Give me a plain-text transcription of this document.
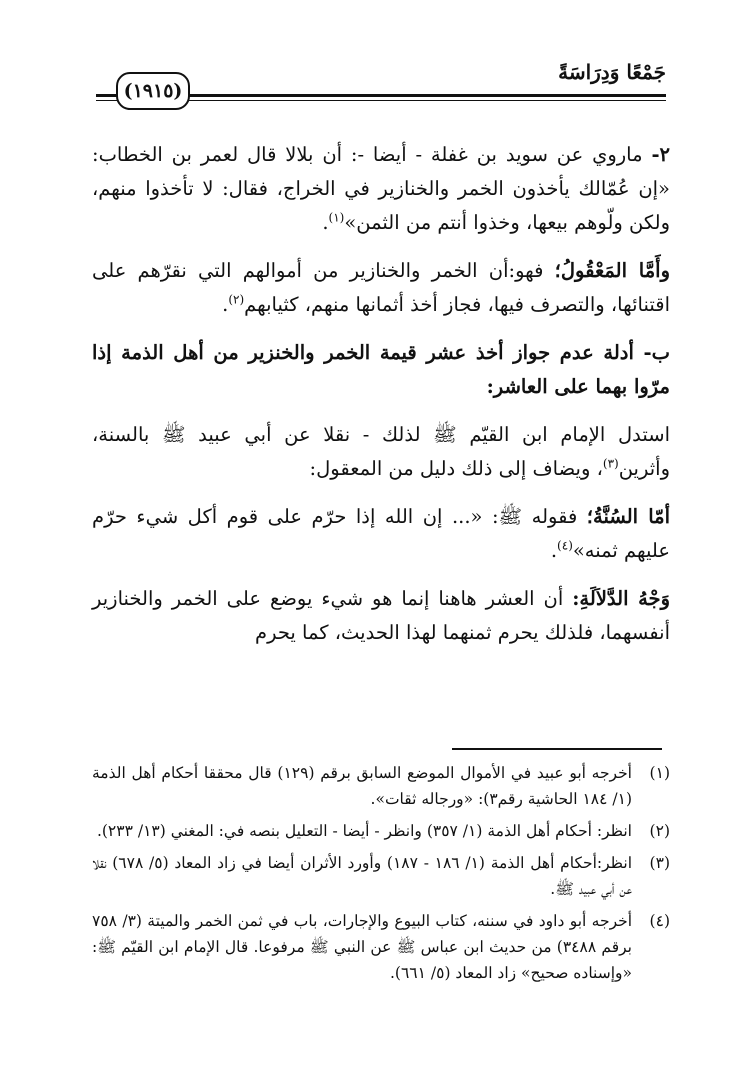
جَمْعًا وَدِرَاسَةً
(١٩١٥)

٢- ماروي عن سويد بن غفلة - أيضا -: أن بلالا قال لعمر بن الخطاب: «إن عُمّالك يأخذون الخمر والخنازير في الخراج، فقال: لا تأخذوا منهم، ولكن ولّوهم بيعها، وخذوا أنتم من الثمن»$^{(١)}$.

وأَمَّا المَعْقُولُ؛ فهو:أن الخمر والخنازير من أموالهم التي نقرّهم على اقتنائها، والتصرف فيها، فجاز أخذ أثمانها منهم، كثيابهم$^{(٢)}$.

ب- أدلة عدم جواز أخذ عشر قيمة الخمر والخنزير من أهل الذمة إذا مرّوا بهما على العاشر:

استدل الإمام ابن القيّم ﷺ لذلك - نقلا عن أبي عبيد ﷺ بالسنة، وأثرين$^{(٣)}$، ويضاف إلى ذلك دليل من المعقول:

أمّا السُنَّةُ؛ فقوله ﷺ: «... إن الله إذا حرّم على قوم أكل شيء حرّم عليهم ثمنه»$^{(٤)}$.

وَجْهُ الدَّلاَلَةِ: أن العشر هاهنا إنما هو شيء يوضع على الخمر والخنازير أنفسهما، فلذلك يحرم ثمنهما لهذا الحديث، كما يحرم

(١)
أخرجه أبو عبيد في الأموال الموضع السابق برقم (١٢٩) قال محققا أحكام أهل الذمة (١/ ١٨٤ الحاشية رقم٣): «ورجاله ثقات».

(٢)
انظر: أحكام أهل الذمة (١/ ٣٥٧) وانظر - أيضا - التعليل بنصه في: المغني (١٣/ ٢٣٣).

(٣)
انظر:أحكام أهل الذمة (١/ ١٨٦ - ١٨٧) وأورد الأثران أيضا في زاد المعاد (٥/ ٦٧٨) نقلا عن أبي عبيد ﷺ.

(٤)
أخرجه أبو داود في سننه، كتاب البيوع والإجارات، باب في ثمن الخمر والميتة (٣/ ٧٥٨ برقم ٣٤٨٨) من حديث ابن عباس ﷺ عن النبي ﷺ مرفوعا. قال الإمام ابن القيّم ﷺ: «وإسناده صحيح» زاد المعاد (٥/ ٦٦١).
